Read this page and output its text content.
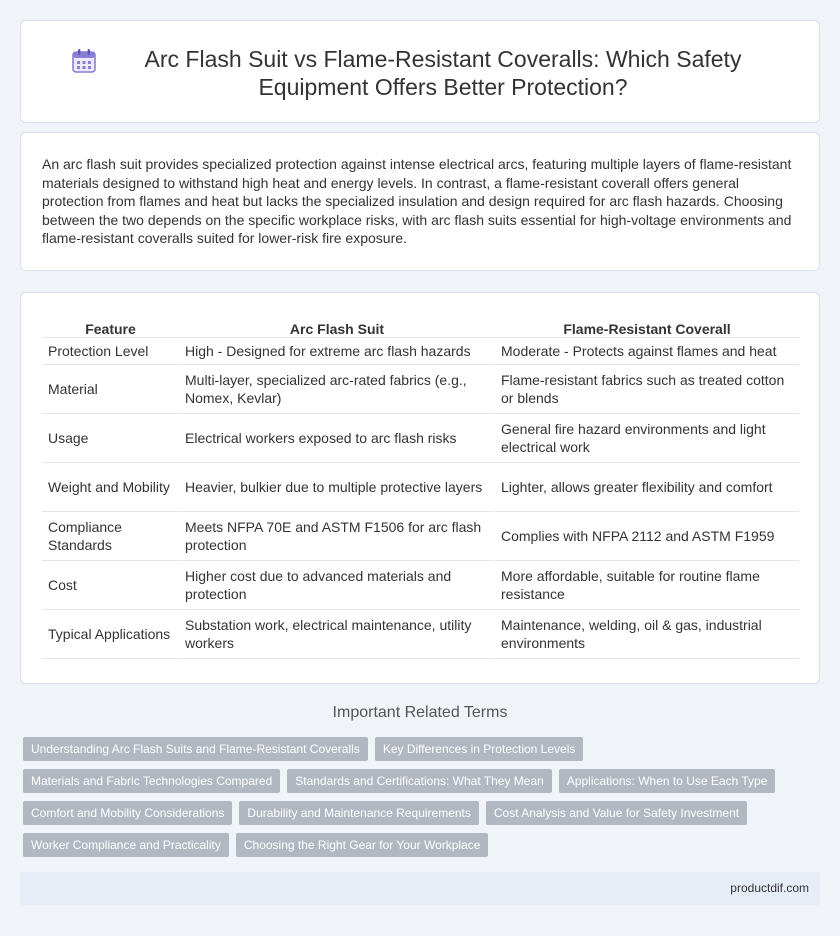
Arc Flash Suit vs Flame-Resistant Coveralls: Which Safety Equipment Offers Better Protection?

An arc flash suit provides specialized protection against intense electrical arcs, featuring multiple layers of flame-resistant materials designed to withstand high heat and energy levels. In contrast, a flame-resistant coverall offers general protection from flames and heat but lacks the specialized insulation and design required for arc flash hazards. Choosing between the two depends on the specific workplace risks, with arc flash suits essential for high-voltage environments and flame-resistant coveralls suited for lower-risk fire exposure.

Feature	Arc Flash Suit	Flame-Resistant Coverall
Protection Level	High - Designed for extreme arc flash hazards	Moderate - Protects against flames and heat
Material	Multi-layer, specialized arc-rated fabrics (e.g., Nomex, Kevlar)	Flame-resistant fabrics such as treated cotton or blends
Usage	Electrical workers exposed to arc flash risks	General fire hazard environments and light electrical work
Weight and Mobility	Heavier, bulkier due to multiple protective layers	Lighter, allows greater flexibility and comfort
Compliance Standards	Meets NFPA 70E and ASTM F1506 for arc flash protection	Complies with NFPA 2112 and ASTM F1959
Cost	Higher cost due to advanced materials and protection	More affordable, suitable for routine flame resistance
Typical Applications	Substation work, electrical maintenance, utility workers	Maintenance, welding, oil & gas, industrial environments
Important Related Terms
Understanding Arc Flash Suits and Flame-Resistant Coveralls	Key Differences in Protection Levels
Materials and Fabric Technologies Compared	Standards and Certifications: What They Mean	Applications: When to Use Each Type
Comfort and Mobility Considerations	Durability and Maintenance Requirements	Cost Analysis and Value for Safety Investment
Worker Compliance and Practicality	Choosing the Right Gear for Your Workplace
productdif.com
